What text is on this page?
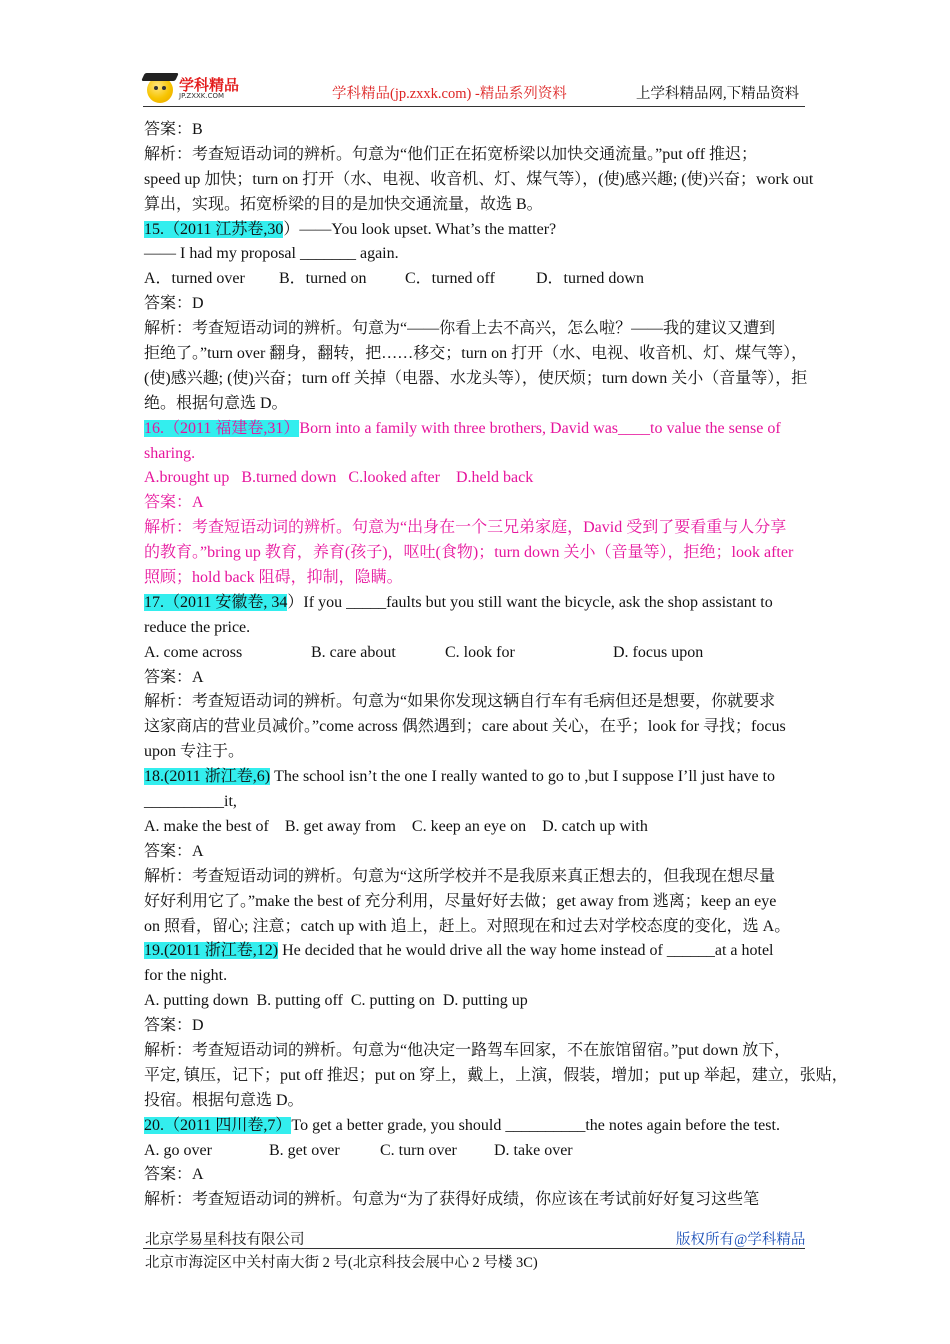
学科精品
JP.ZXXK.COM	学科精品(jp.zxxk.com) -精品系列资料	上学科精品网,下精品资料
答案：B
解析：考查短语动词的辨析。句意为“他们正在拓宽桥梁以加快交通流量。”put off 推迟；
speed up 加快；turn on 打开（水、电视、收音机、灯、煤气等），(使)感兴趣; (使)兴奋；work out
算出，实现。拓宽桥梁的目的是加快交通流量，故选 B。
15.（2011 江苏卷,30）——You look upset. What’s the matter?
—— I had my proposal _______ again.
A．turned over B．turned on C．turned off	D．turned down
答案：D
解析：考查短语动词的辨析。句意为“——你看上去不高兴，怎么啦？——我的建议又遭到
拒绝了。”turn over 翻身，翻转，把……移交；turn on 打开（水、电视、收音机、灯、煤气等），
(使)感兴趣; (使)兴奋；turn off 关掉（电器、水龙头等），使厌烦；turn down 关小（音量等），拒
绝。根据句意选 D。
16.（2011 福建卷,31）Born into a family with three brothers, David was____to value the sense of
sharing.
A.brought up   B.turned down   C.looked after    D.held back
答案：A
解析：考查短语动词的辨析。句意为“出身在一个三兄弟家庭，David 受到了要看重与人分享
的教育。”bring up 教育，养育(孩子)，呕吐(食物)；turn down 关小（音量等），拒绝；look after
照顾；hold back 阻碍，抑制，隐瞒。
17.（2011 安徽卷, 34）If you _____faults but you still want the bicycle, ask the shop assistant to
reduce the price.
A. come across	B. care about	C. look for	D. focus upon
答案：A
解析：考查短语动词的辨析。句意为“如果你发现这辆自行车有毛病但还是想要，你就要求
这家商店的营业员减价。”come across 偶然遇到；care about 关心，在乎；look for 寻找；focus
upon 专注于。
18.(2011 浙江卷,6) The school isn’t the one I really wanted to go to ,but I suppose I’ll just have to
__________it,
A. make the best of    B. get away from    C. keep an eye on    D. catch up with
答案：A
解析：考查短语动词的辨析。句意为“这所学校并不是我原来真正想去的，但我现在想尽量
好好利用它了。”make the best of 充分利用，尽量好好去做；get away from 逃离；keep an eye
on 照看，留心; 注意；catch up with 追上，赶上。对照现在和过去对学校态度的变化，选 A。
19.(2011 浙江卷,12) He decided that he would drive all the way home instead of ______at a hotel
for the night.
A. putting down  B. putting off  C. putting on  D. putting up
答案：D
解析：考查短语动词的辨析。句意为“他决定一路驾车回家，不在旅馆留宿。”put down 放下，
平定, 镇压，记下；put off 推迟；put on 穿上，戴上，上演，假装，增加；put up 举起，建立，张贴，
投宿。根据句意选 D。
20.（2011 四川卷,7）To get a better grade, you should __________the notes again before the test.
A. go over	B. get over	C. turn over D. take over
答案：A
解析：考查短语动词的辨析。句意为“为了获得好成绩，你应该在考试前好好复习这些笔
北京学易星科技有限公司	版权所有@学科精品
北京市海淀区中关村南大街 2 号(北京科技会展中心 2 号楼 3C)
